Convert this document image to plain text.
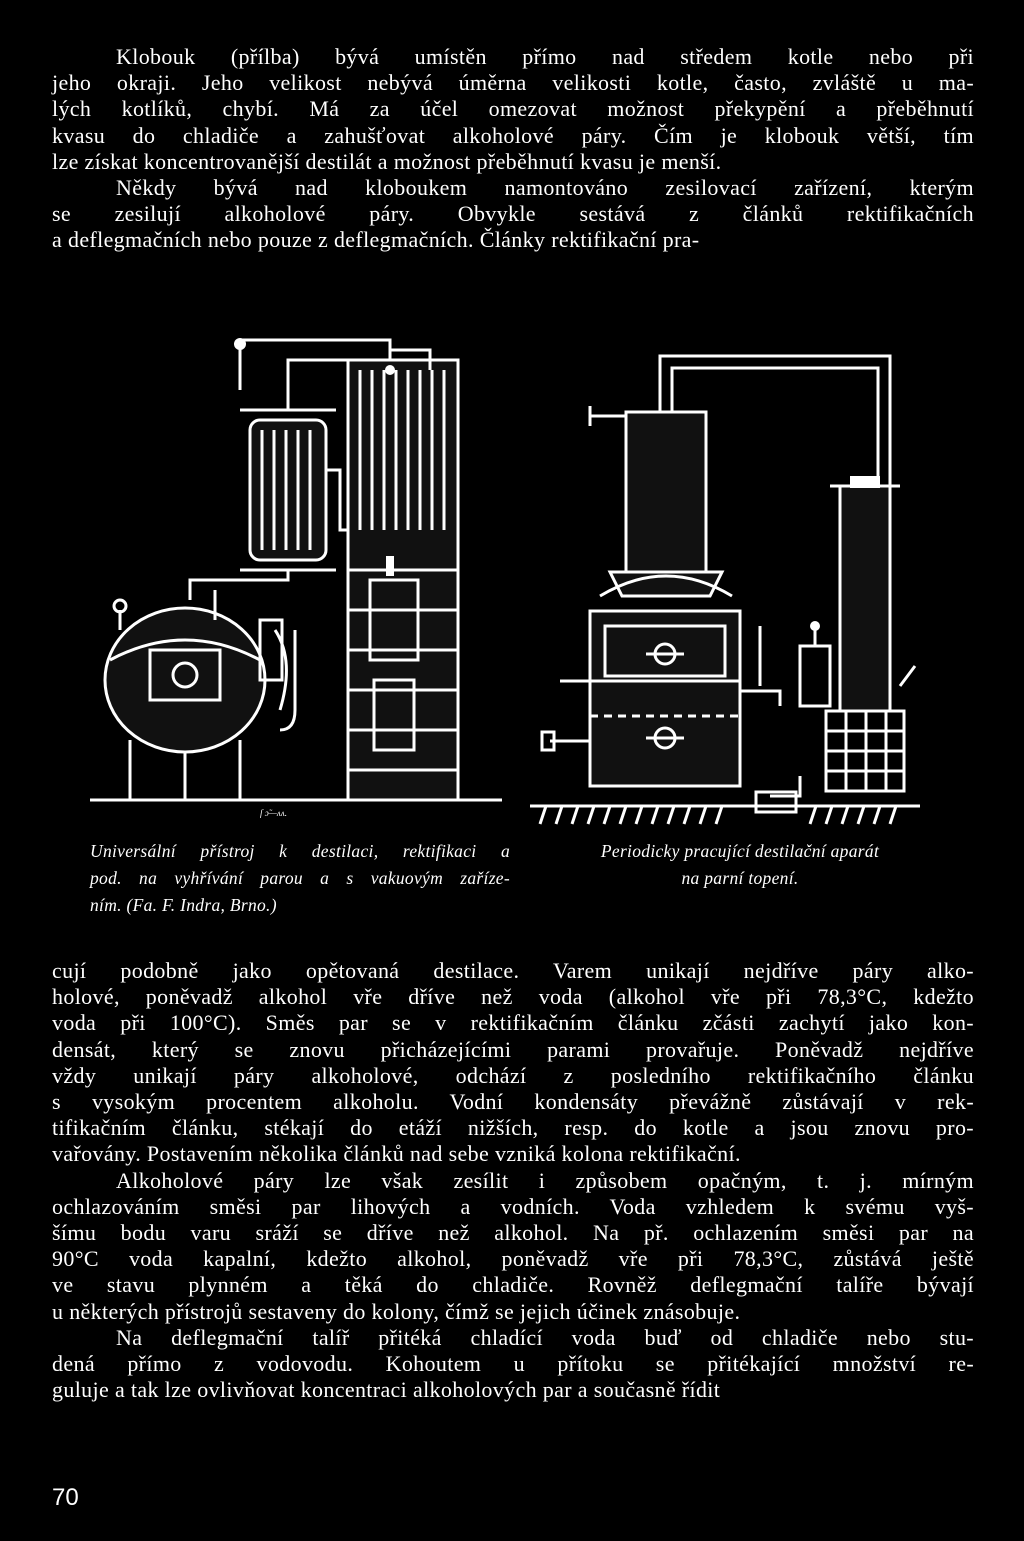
Klobouk (přílba) bývá umístěn přímo nad středem kotle nebo při
jeho okraji. Jeho velikost nebývá úměrna velikosti kotle, často, zvláště u ma-
lých kotlíků, chybí. Má za účel omezovat možnost překypění a přeběhnutí
kvasu do chladiče a zahušťovat alkoholové páry. Čím je klobouk větší, tím
lze získat koncentrovanější destilát a možnost přeběhnutí kvasu je menší.
Někdy bývá nad kloboukem namontováno zesilovací zařízení, kterým
se zesilují alkoholové páry. Obvykle sestává z článků rektifikačních
a deflegmačních nebo pouze z deflegmačních. Články rektifikační pra-
ſ ɔ̃—ʌʌ.
Universální přístroj k destilaci, rektifikaci a
pod. na vyhřívání parou a s vakuovým zaříze-
ním. (Fa. F. Indra, Brno.)
Periodicky pracující destilační aparát
na parní topení.
cují podobně jako opětovaná destilace. Varem unikají nejdříve páry alko-
holové, poněvadž alkohol vře dříve než voda (alkohol vře při 78,3°C, kdežto
voda při 100°C). Směs par se v rektifikačním článku zčásti zachytí jako kon-
densát, který se znovu přicházejícími parami provařuje. Poněvadž nejdříve
vždy unikají páry alkoholové, odchází z posledního rektifikačního článku
s vysokým procentem alkoholu. Vodní kondensáty převážně zůstávají v rek-
tifikačním článku, stékají do etáží nižších, resp. do kotle a jsou znovu pro-
vařovány. Postavením několika článků nad sebe vzniká kolona rektifikační.
Alkoholové páry lze však zesílit i způsobem opačným, t. j. mírným
ochlazováním směsi par lihových a vodních. Voda vzhledem k svému vyš-
šímu bodu varu sráží se dříve než alkohol. Na př. ochlazením směsi par na
90°C voda kapalní, kdežto alkohol, poněvadž vře při 78,3°C, zůstává ještě
ve stavu plynném a těká do chladiče. Rovněž deflegmační talíře bývají
u některých přístrojů sestaveny do kolony, čímž se jejich účinek znásobuje.
Na deflegmační talíř přitéká chladící voda buď od chladiče nebo stu-
dená přímo z vodovodu. Kohoutem u přítoku se přitékající množství re-
guluje a tak lze ovlivňovat koncentraci alkoholových par a současně řídit
70
